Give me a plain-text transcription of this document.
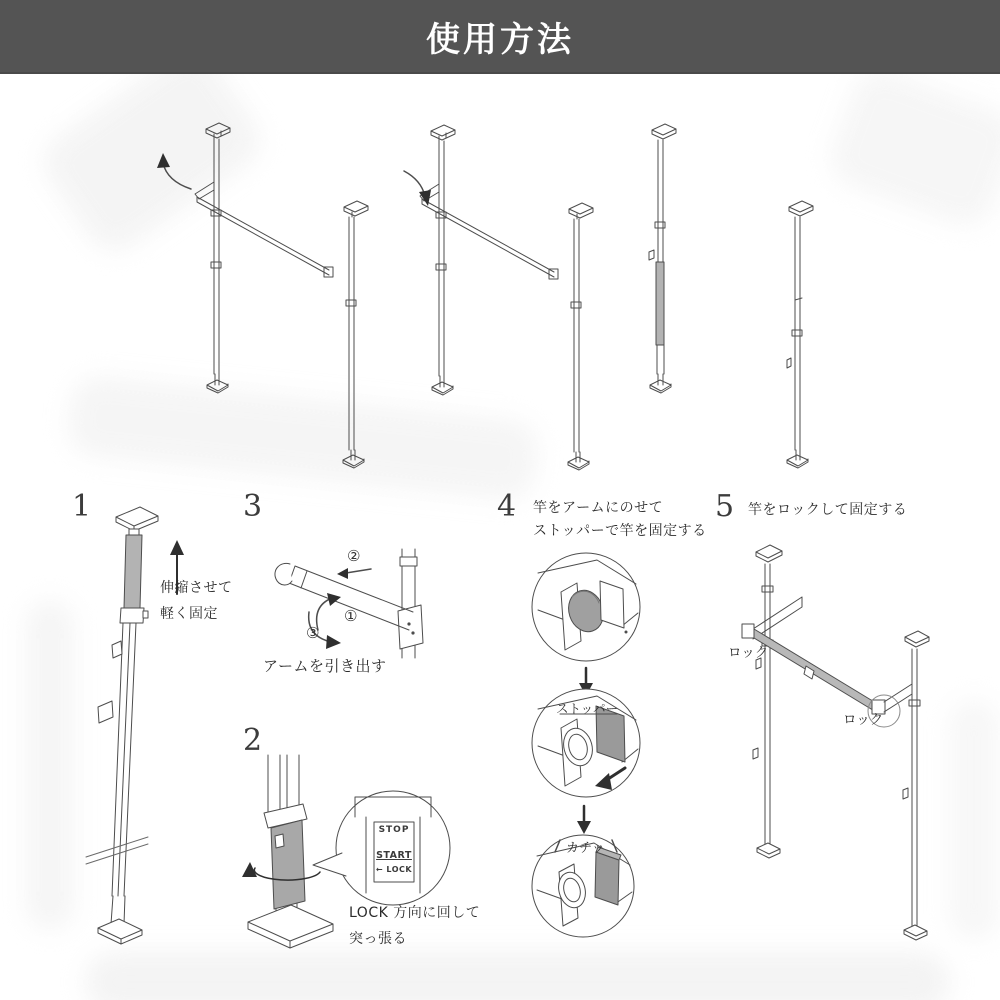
使用方法
1
伸縮させて
軽く固定
3
②
①
③
アームを引き出す
2
STOP
START
← LOCK
LOCK 方向に回して
突っ張る
4 竿をアームにのせて
ストッパーで竿を固定する
ストッパー
カチッ
5 竿をロックして固定する
ロック
ロック
